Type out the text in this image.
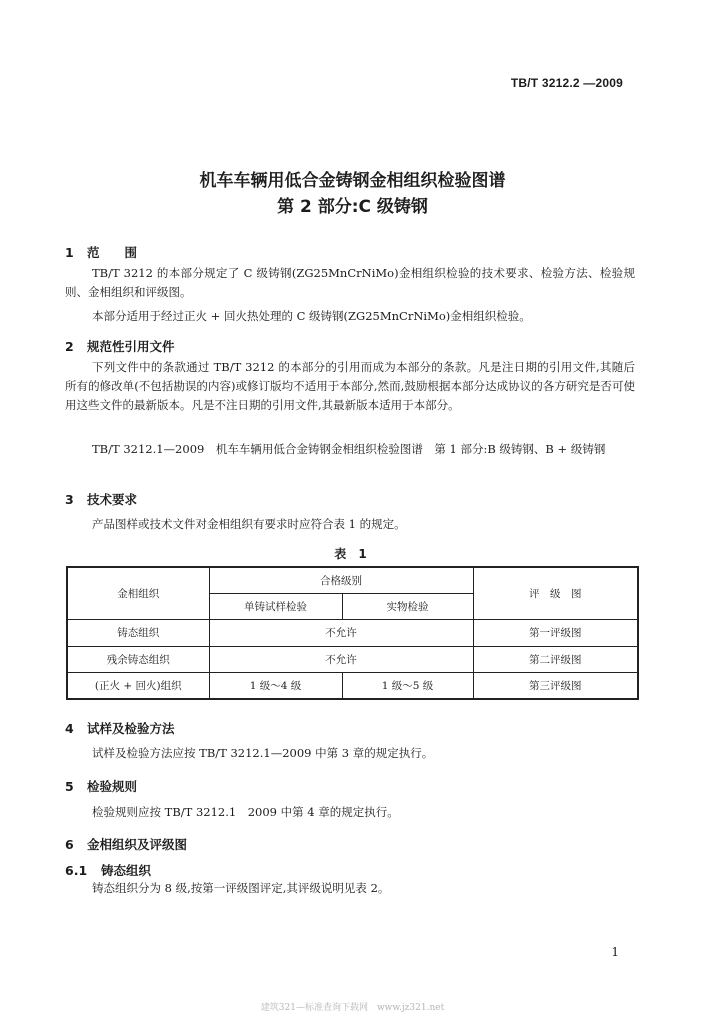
TB/T 3212.2 —2009
机车车辆用低合金铸钢金相组织检验图谱
第 2 部分:C 级铸钢
1 范　　围

TB/T 3212 的本部分规定了 C 级铸钢(ZG25MnCrNiMo)金相组织检验的技术要求、检验方法、检验规则、金相组织和评级图。

本部分适用于经过正火 + 回火热处理的 C 级铸钢(ZG25MnCrNiMo)金相组织检验。

2 规范性引用文件

下列文件中的条款通过 TB/T 3212 的本部分的引用而成为本部分的条款。凡是注日期的引用文件,其随后所有的修改单(不包括勘误的内容)或修订版均不适用于本部分,然而,鼓励根据本部分达成协议的各方研究是否可使用这些文件的最新版本。凡是不注日期的引用文件,其最新版本适用于本部分。

TB/T 3212.1—2009　机车车辆用低合金铸钢金相组织检验图谱　第 1 部分:B 级铸钢、B + 级铸钢

3 技术要求

产品图样或技术文件对金相组织有要求时应符合表 1 的规定。

表 1
金相组织	合格级别		评　级　图
	单铸试样检验	实物检验	
铸态组织	不允许		第一评级图
残余铸态组织	不允许		第二评级图
(正火 + 回火)组织	1 级～4 级	1 级～5 级	第三评级图
4 试样及检验方法

试样及检验方法应按 TB/T 3212.1—2009 中第 3 章的规定执行。

5 检验规则

检验规则应按 TB/T 3212.1　2009 中第 4 章的规定执行。

6 金相组织及评级图
6.1 铸态组织

铸态组织分为 8 级,按第一评级图评定,其评级说明见表 2。

1
建筑321—标准查询下载网　www.jz321.net
